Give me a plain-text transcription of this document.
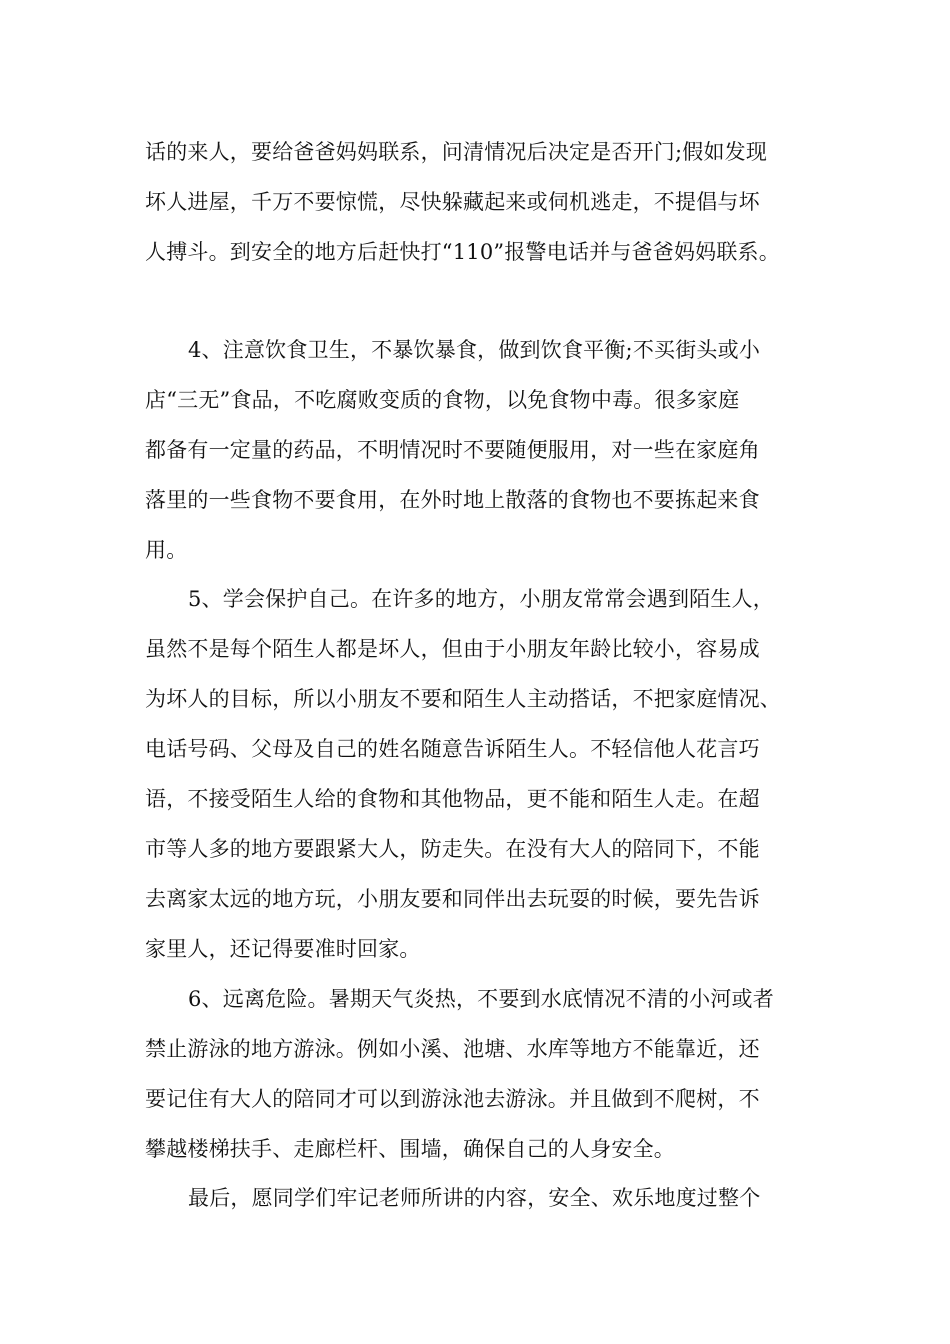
话的来人，要给爸爸妈妈联系，问清情况后决定是否开门;假如发现

坏人进屋，千万不要惊慌，尽快躲藏起来或伺机逃走，不提倡与坏

人搏斗。到安全的地方后赶快打“110”报警电话并与爸爸妈妈联系。

4、注意饮食卫生，不暴饮暴食，做到饮食平衡;不买街头或小

店“三无”食品，不吃腐败变质的食物，以免食物中毒。很多家庭

都备有一定量的药品，不明情况时不要随便服用，对一些在家庭角

落里的一些食物不要食用，在外时地上散落的食物也不要拣起来食

用。

5、学会保护自己。在许多的地方，小朋友常常会遇到陌生人，

虽然不是每个陌生人都是坏人，但由于小朋友年龄比较小，容易成

为坏人的目标，所以小朋友不要和陌生人主动搭话，不把家庭情况、

电话号码、父母及自己的姓名随意告诉陌生人。不轻信他人花言巧

语，不接受陌生人给的食物和其他物品，更不能和陌生人走。在超

市等人多的地方要跟紧大人，防走失。在没有大人的陪同下，不能

去离家太远的地方玩，小朋友要和同伴出去玩耍的时候，要先告诉

家里人，还记得要准时回家。

6、远离危险。暑期天气炎热，不要到水底情况不清的小河或者

禁止游泳的地方游泳。例如小溪、池塘、水库等地方不能靠近，还

要记住有大人的陪同才可以到游泳池去游泳。并且做到不爬树，不

攀越楼梯扶手、走廊栏杆、围墙，确保自己的人身安全。

最后，愿同学们牢记老师所讲的内容，安全、欢乐地度过整个
